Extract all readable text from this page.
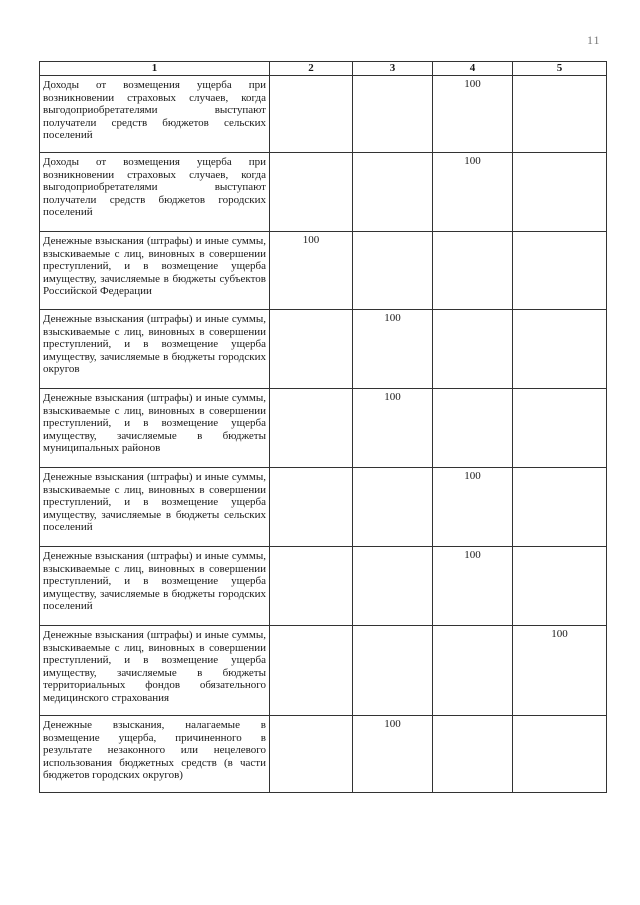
11
1	2	3	4	5

Доходы от возмещения ущерба при возникновении страховых случаев, когда выгодоприобретателями выступают получатели средств бюджетов сельских поселений			100	

Доходы от возмещения ущерба при возникновении страховых случаев, когда выгодоприобретателями выступают получатели средств бюджетов городских поселений			100	

Денежные взыскания (штрафы) и иные суммы, взыскиваемые с лиц, виновных в совершении преступлений, и в возмещение ущерба имуществу, зачисляемые в бюджеты субъектов Российской Федерации	100			

Денежные взыскания (штрафы) и иные суммы, взыскиваемые с лиц, виновных в совершении преступлений, и в возмещение ущерба имуществу, зачисляемые в бюджеты городских округов		100		

Денежные взыскания (штрафы) и иные суммы, взыскиваемые с лиц, виновных в совершении преступлений, и в возмещение ущерба имуществу, зачисляемые в бюджеты муниципальных районов		100		

Денежные взыскания (штрафы) и иные суммы, взыскиваемые с лиц, виновных в совершении преступлений, и в возмещение ущерба имуществу, зачисляемые в бюджеты сельских поселений			100	

Денежные взыскания (штрафы) и иные суммы, взыскиваемые с лиц, виновных в совершении преступлений, и в возмещение ущерба имуществу, зачисляемые в бюджеты городских поселений			100	

Денежные взыскания (штрафы) и иные суммы, взыскиваемые с лиц, виновных в совершении преступлений, и в возмещение ущерба имуществу, зачисляемые в бюджеты территориальных фондов обязательного медицинского страхования				100

Денежные взыскания, налагаемые в возмещение ущерба, причиненного в результате незаконного или нецелевого использования бюджетных средств (в части бюджетов городских округов)		100		
